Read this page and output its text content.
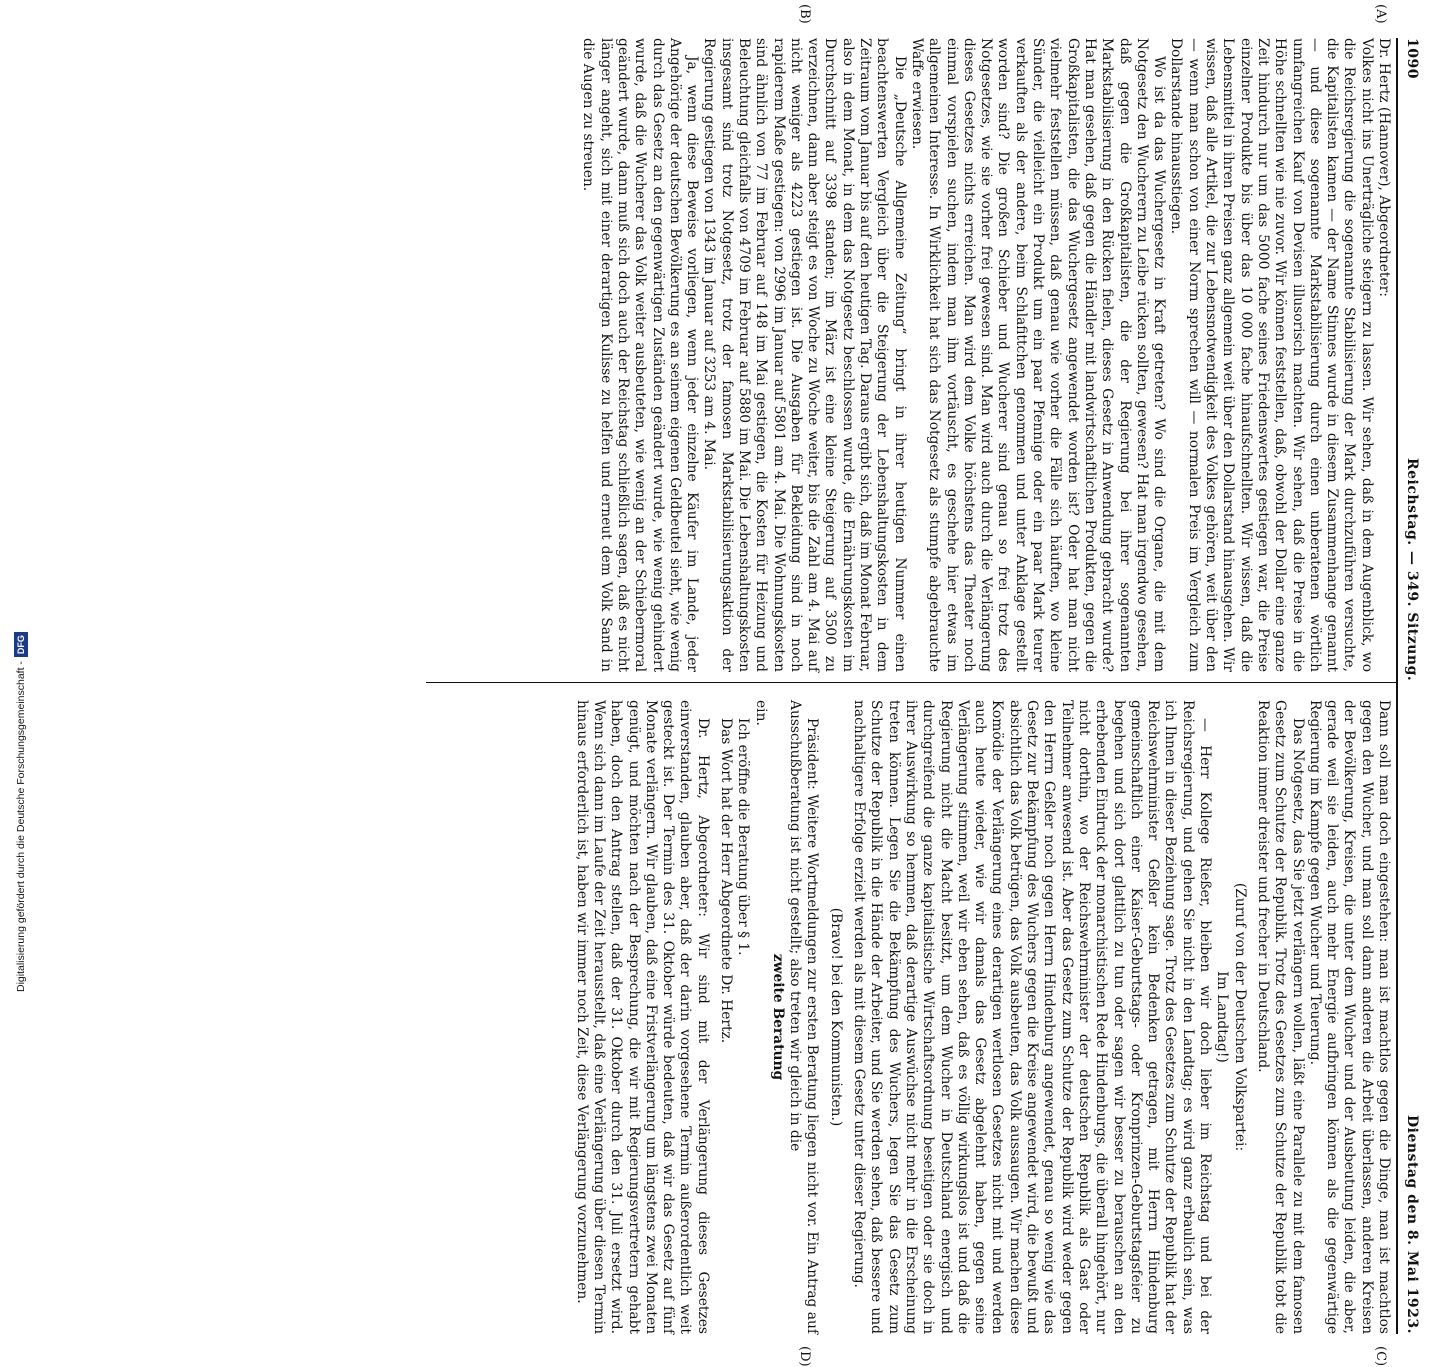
1090
Reichstag. — 349. Sitzung.
Dienstag den 8. Mai 1923.
(A)
(B)
(C)
(D)

Dr. Hertz (Hannover), Abgeordneter:

Volkes nicht ins Unerträgliche steigern zu lassen. Wir sehen, daß in dem Augenblick, wo die Reichsregierung die sogenannte Stabilisierung der Mark durchzuführen versuchte, die Kapitalisten kamen — der Name Stinnes wurde in diesem Zusammenhange genannt — und diese sogenannte Markstabilisierung durch einen unberatenen wörtlich umfangreichen Kauf von Devisen illusorisch machten. Wir sehen, daß die Preise in die Höhe schnellten wie nie zuvor. Wir können feststellen, daß, obwohl der Dollar eine ganze Zeit hindurch nur um das 5000 fache seines Friedenswertes gestiegen war, die Preise einzelner Produkte bis über das 10 000 fache hinaufschnellten. Wir wissen, daß die Lebensmittel in ihren Preisen ganz allgemein weit über den Dollarstand hinausgehen. Wir wissen, daß alle Artikel, die zur Lebensnotwendigkeit des Volkes gehören, weit über den — wenn man schon von einer Norm sprechen will — normalen Preis im Vergleich zum Dollarstande hinausstiegen.

Wo ist da das Wuchergesetz in Kraft getreten? Wo sind die Organe, die mit dem Notgesetz den Wucherern zu Leibe rücken sollten, gewesen? Hat man irgendwo gesehen, daß gegen die Großkapitalisten, die der Regierung bei ihrer sogenannten Markstabilisierung in den Rücken fielen, dieses Gesetz in Anwendung gebracht wurde? Hat man gesehen, daß gegen die Händler mit landwirtschaftlichen Produkten, gegen die Großkapitalisten, die das Wuchergesetz angewendet worden ist? Oder hat man nicht vielmehr feststellen müssen, daß genau wie vorher die Fälle sich häuften, wo kleine Sünder, die vielleicht ein Produkt um ein paar Pfennige oder ein paar Mark teurer verkauften als der andere, beim Schlafittchen genommen und unter Anklage gestellt worden sind? Die großen Schieber und Wucherer sind genau so frei trotz des Notgesetzes, wie sie vorher frei gewesen sind. Man wird auch durch die Verlängerung dieses Gesetzes nichts erreichen. Man wird dem Volke höchstens das Theater noch einmal vorspielen suchen, indem man ihm vortäuscht, es geschehe hier etwas im allgemeinen Interesse. In Wirklichkeit hat sich das Notgesetz als stumpfe abgebrauchte Waffe erwiesen.

Die „Deutsche Allgemeine Zeitung“ bringt in ihrer heutigen Nummer einen beachtenswerten Vergleich über die Steigerung der Lebenshaltungskosten in dem Zeitraum vom Januar bis auf den heutigen Tag. Daraus ergibt sich, daß im Monat Februar, also in dem Monat, in dem das Notgesetz beschlossen wurde, die Ernährungskosten im Durchschnitt auf 3398 standen; im März ist eine kleine Steigerung auf 3500 zu verzeichnen, dann aber steigt es von Woche zu Woche weiter, bis die Zahl am 4. Mai auf nicht weniger als 4223 gestiegen ist. Die Ausgaben für Bekleidung sind in noch rapiderem Maße gestiegen: von 2996 im Januar auf 5801 am 4. Mai. Die Wohnungskosten sind ähnlich von 77 im Februar auf 148 im Mai gestiegen, die Kosten für Heizung und Beleuchtung gleichfalls von 4709 im Februar auf 5880 im Mai. Die Lebenshaltungskosten insgesamt sind trotz Notgesetz, trotz der famosen Markstabilisierungsaktion der Regierung gestiegen von 1343 im Januar auf 3253 am 4. Mai.

Ja, wenn diese Beweise vorliegen, wenn jeder einzelne Käufer im Lande, jeder Angehörige der deutschen Bevölkerung es an seinem eigenen Geldbeutel sieht, wie wenig durch das Gesetz an den gegenwärtigen Zuständen geändert wurde, wie wenig gehindert wurde, daß die Wucherer das Volk weiter ausbeuteten, wie wenig an der Schiebermoral geändert wurde, dann muß sich doch auch der Reichstag schließlich sagen, daß es nicht länger angeht, sich mit einer derartigen Kulisse zu helfen und erneut dem Volk Sand in die Augen zu streuen.

Dann soll man doch eingestehen: man ist machtlos gegen die Dinge, man ist machtlos gegen den Wucher, und man soll dann anderen die Arbeit überlassen, anderen Kreisen der Bevölkerung, Kreisen, die unter dem Wucher und der Ausbeutung leiden, die aber, gerade weil sie leiden, auch mehr Energie aufbringen können als die gegenwärtige Regierung im Kampfe gegen Wucher und Teuerung.

Das Notgesetz, das Sie jetzt verlängern wollen, läßt eine Parallele zu mit dem famosen Gesetz zum Schutze der Republik. Trotz des Gesetzes zum Schutze der Republik tobt die Reaktion immer dreister und frecher in Deutschland.

(Zuruf von der Deutschen Volkspartei:

Im Landtag!)

— Herr Kollege Rießer, bleiben wir doch lieber im Reichstag und bei der Reichsregierung, und gehen Sie nicht in den Landtag; es wird ganz erbaulich sein, was ich Ihnen in dieser Beziehung sage. Trotz des Gesetzes zum Schutze der Republik hat der Reichswehrminister Geßler kein Bedenken getragen, mit Herrn Hindenburg gemeinschaftlich einer Kaiser-Geburtstags- oder Kronprinzen-Geburtstagsfeier zu begehen und sich dort glattlich zu tun oder sagen wir besser zu berauschen an den erhebenden Eindruck der monarchistischen Rede Hindenburgs, die überall hingehört, nur nicht dorthin, wo der Reichswehrminister der deutschen Republik als Gast oder Teilnehmer anwesend ist. Aber das Gesetz zum Schutze der Republik wird weder gegen den Herrn Geßler noch gegen Herrn Hindenburg angewendet, genau so wenig wie das Gesetz zur Bekämpfung des Wuchers gegen die Kreise angewendet wird, die bewußt und absichtlich das Volk betrügen, das Volk ausbeuten, das Volk aussaugen. Wir machen diese Komödie der Verlängerung eines derartigen wertlosen Gesetzes nicht mit und werden auch heute wieder, wie wir damals das Gesetz abgelehnt haben, gegen seine Verlängerung stimmen, weil wir eben sehen, daß es völlig wirkungslos ist und daß die Regierung nicht die Macht besitzt, um dem Wucher in Deutschland energisch und durchgreifend die ganze kapitalistische Wirtschaftsordnung beseitigen oder sie doch in ihrer Auswirkung so hemmen, daß derartige Auswüchse nicht mehr in die Erscheinung treten können. Legen Sie die Bekämpfung des Wuchers, legen Sie das Gesetz zum Schutze der Republik in die Hände der Arbeiter, und Sie werden sehen, daß bessere und nachhaltigere Erfolge erzielt werden als mit diesem Gesetz unter dieser Regierung.

(Bravo! bei den Kommunisten.)

Präsident: Weitere Wortmeldungen zur ersten Beratung liegen nicht vor. Ein Antrag auf Ausschußberatung ist nicht gestellt; also treten wir gleich in die

zweite Beratung

ein.

Ich eröffne die Beratung über § 1.

Das Wort hat der Herr Abgeordnete Dr. Hertz.

Dr. Hertz, Abgeordneter: Wir sind mit der Verlängerung dieses Gesetzes einverstanden, glauben aber, daß der darin vorgesehene Termin außerordentlich weit gesteckt ist. Der Termin des 31. Oktober würde bedeuten, daß wir das Gesetz auf fünf Monate verlängern. Wir glauben, daß eine Fristverlängerung um längstens zwei Monaten genügt, und möchten nach der Besprechung, die wir mit Regierungsvertretern gehabt haben, doch den Antrag stellen, daß der 31. Oktober durch den 31. Juli ersetzt wird. Wenn sich dann im Laufe der Zeit herausstellt, daß eine Verlängerung über diesen Termin hinaus erforderlich ist, haben wir immer noch Zeit, diese Verlängerung vorzunehmen.

Digitalisierung gefördert durch die Deutsche Forschungsgemeinschaft -DFG
